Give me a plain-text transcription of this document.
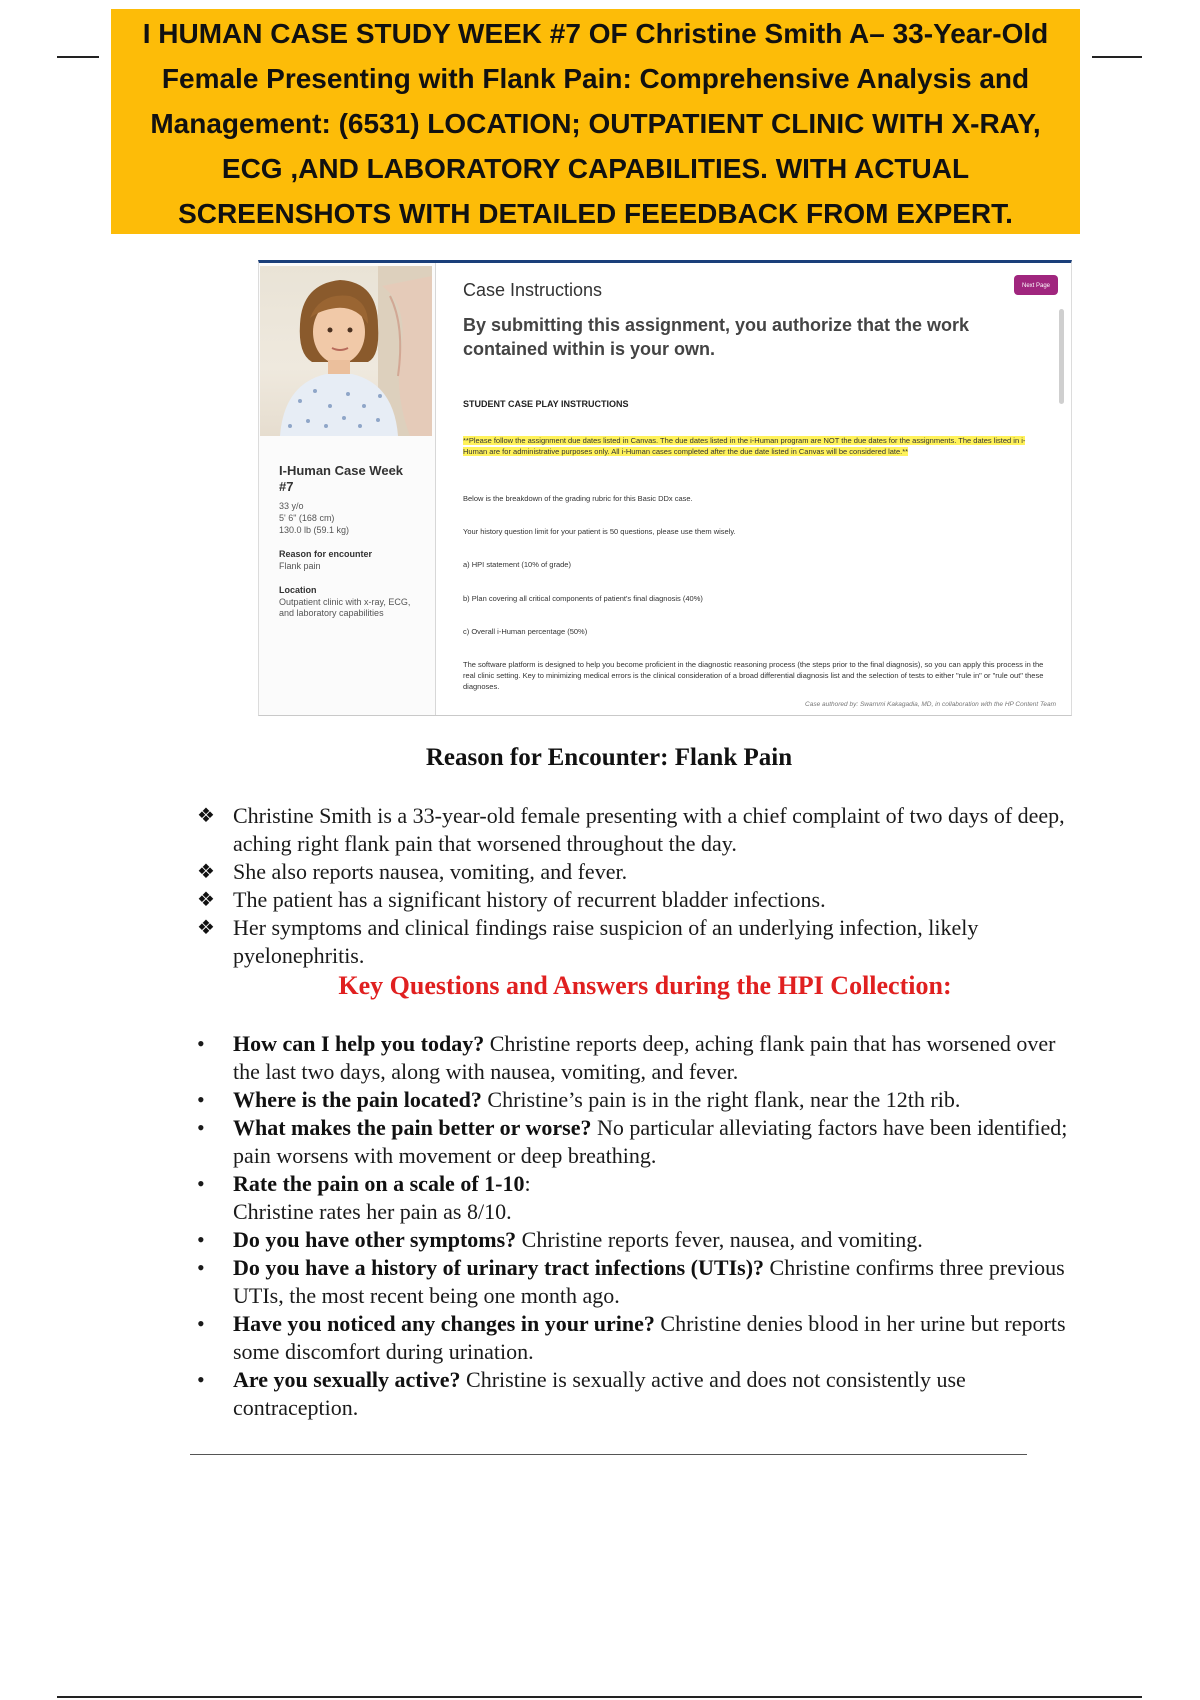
I HUMAN CASE STUDY WEEK #7 OF Christine Smith A– 33-Year-Old Female Presenting with Flank Pain: Comprehensive Analysis and Management: (6531) LOCATION; OUTPATIENT CLINIC WITH X-RAY, ECG ,AND LABORATORY CAPABILITIES. WITH ACTUAL SCREENSHOTS WITH DETAILED FEEEDBACK FROM EXPERT.
I-Human Case Week #7
33 y/o
5' 6" (168 cm)
130.0 lb (59.1 kg)
Reason for encounter
Flank pain
Location
Outpatient clinic with x-ray, ECG, and laboratory capabilities
Case Instructions	Next Page
By submitting this assignment, you authorize that the work contained within is your own.
STUDENT CASE PLAY INSTRUCTIONS
**Please follow the assignment due dates listed in Canvas. The due dates listed in the i-Human program are NOT the due dates for the assignments. The dates listed in i-Human are for administrative purposes only. All i-Human cases completed after the due date listed in Canvas will be considered late.**
Below is the breakdown of the grading rubric for this Basic DDx case.
Your history question limit for your patient is 50 questions, please use them wisely.
a) HPI statement (10% of grade)
b) Plan covering all critical components of patient's final diagnosis (40%)
c) Overall i-Human percentage (50%)
The software platform is designed to help you become proficient in the diagnostic reasoning process (the steps prior to the final diagnosis), so you can apply this process in the real clinic setting. Key to minimizing medical errors is the clinical consideration of a broad differential diagnosis list and the selection of tests to either "rule in" or "rule out" these diagnoses.
Case authored by: Swarnmi Kakagadia, MD, in collaboration with the HP Content Team
Reason for Encounter: Flank Pain
❖ Christine Smith is a 33-year-old female presenting with a chief complaint of two days of deep, aching right flank pain that worsened throughout the day.
❖ She also reports nausea, vomiting, and fever.
❖ The patient has a significant history of recurrent bladder infections.
❖ Her symptoms and clinical findings raise suspicion of an underlying infection, likely pyelonephritis.
Key Questions and Answers during the HPI Collection:
• How can I help you today? Christine reports deep, aching flank pain that has worsened over the last two days, along with nausea, vomiting, and fever.
• Where is the pain located? Christine’s pain is in the right flank, near the 12th rib.
• What makes the pain better or worse? No particular alleviating factors have been identified; pain worsens with movement or deep breathing.
• Rate the pain on a scale of 1-10:
Christine rates her pain as 8/10.
• Do you have other symptoms? Christine reports fever, nausea, and vomiting.
• Do you have a history of urinary tract infections (UTIs)? Christine confirms three previous UTIs, the most recent being one month ago.
• Have you noticed any changes in your urine? Christine denies blood in her urine but reports some discomfort during urination.
• Are you sexually active? Christine is sexually active and does not consistently use contraception.
